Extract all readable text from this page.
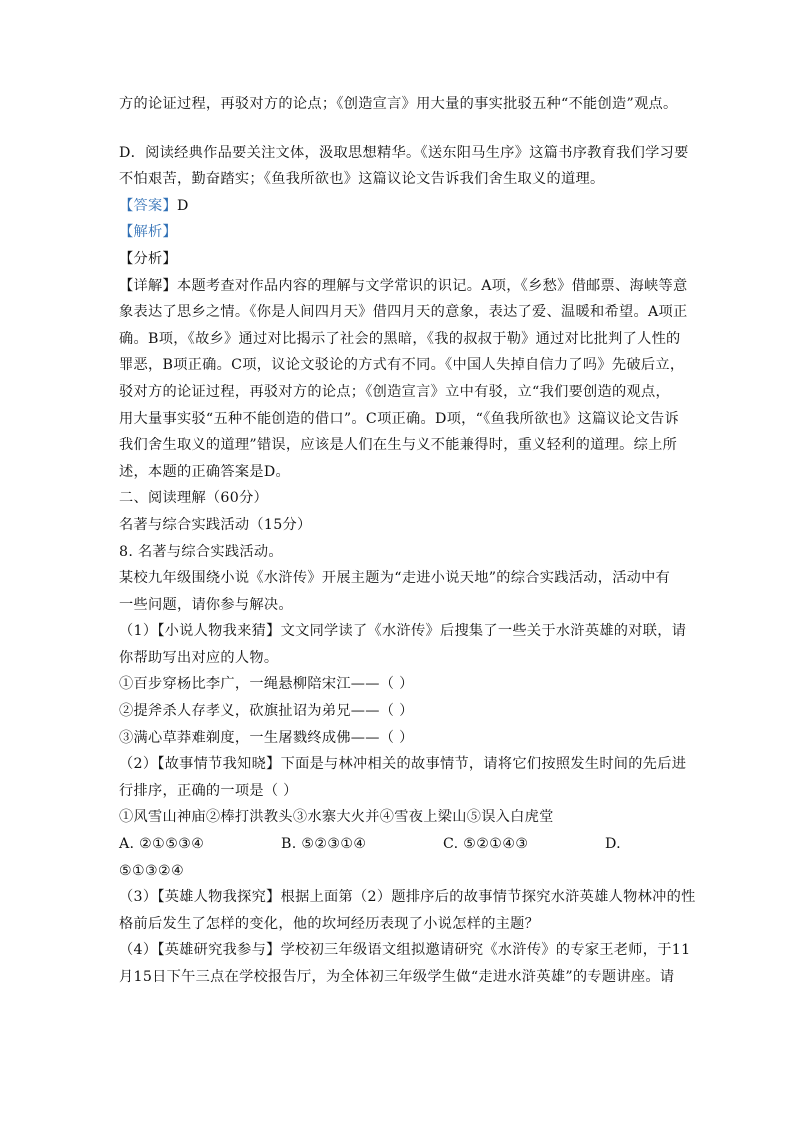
方的论证过程，再驳对方的论点；《创造宣言》用大量的事实批驳五种“不能创造”观点。
D．阅读经典作品要关注文体，汲取思想精华。《送东阳马生序》这篇书序教育我们学习要
不怕艰苦，勤奋踏实；《鱼我所欲也》这篇议论文告诉我们舍生取义的道理。
【答案】D
【解析】
【分析】
【详解】本题考查对作品内容的理解与文学常识的识记。A项，《乡愁》借邮票、海峡等意
象表达了思乡之情。《你是人间四月天》借四月天的意象，表达了爱、温暖和希望。A项正
确。B项，《故乡》通过对比揭示了社会的黑暗，《我的叔叔于勒》通过对比批判了人性的
罪恶，B项正确。C项，议论文驳论的方式有不同。《中国人失掉自信力了吗》先破后立，
驳对方的论证过程，再驳对方的论点；《创造宣言》立中有驳，立“我们要创造的观点，
用大量事实驳“五种不能创造的借口”。C项正确。D项，“《鱼我所欲也》这篇议论文告诉
我们舍生取义的道理”错误，应该是人们在生与义不能兼得时，重义轻利的道理。综上所
述，本题的正确答案是D。
二、阅读理解（60分）
名著与综合实践活动（15分）
8. 名著与综合实践活动。
某校九年级围绕小说《水浒传》开展主题为“走进小说天地”的综合实践活动，活动中有
一些问题，请你参与解决。
（1）【小说人物我来猜】文文同学读了《水浒传》后搜集了一些关于水浒英雄的对联，请
你帮助写出对应的人物。
①百步穿杨比李广，一绳悬柳陪宋江——（ ）
②提斧杀人存孝义，砍旗扯诏为弟兄——（ ）
③满心草莽难剃度，一生屠戮终成佛——（ ）
（2）【故事情节我知晓】下面是与林冲相关的故事情节，请将它们按照发生时间的先后进
行排序，正确的一项是（ ）
①风雪山神庙②棒打洪教头③水寨大火并④雪夜上梁山⑤误入白虎堂
A. ②①⑤③④	B. ⑤②③①④	C. ⑤②①④③	D.
⑤①③②④
（3）【英雄人物我探究】根据上面第（2）题排序后的故事情节探究水浒英雄人物林冲的性
格前后发生了怎样的变化，他的坎坷经历表现了小说怎样的主题？
（4）【英雄研究我参与】学校初三年级语文组拟邀请研究《水浒传》的专家王老师，于11
月15日下午三点在学校报告厅，为全体初三年级学生做“走进水浒英雄”的专题讲座。请
